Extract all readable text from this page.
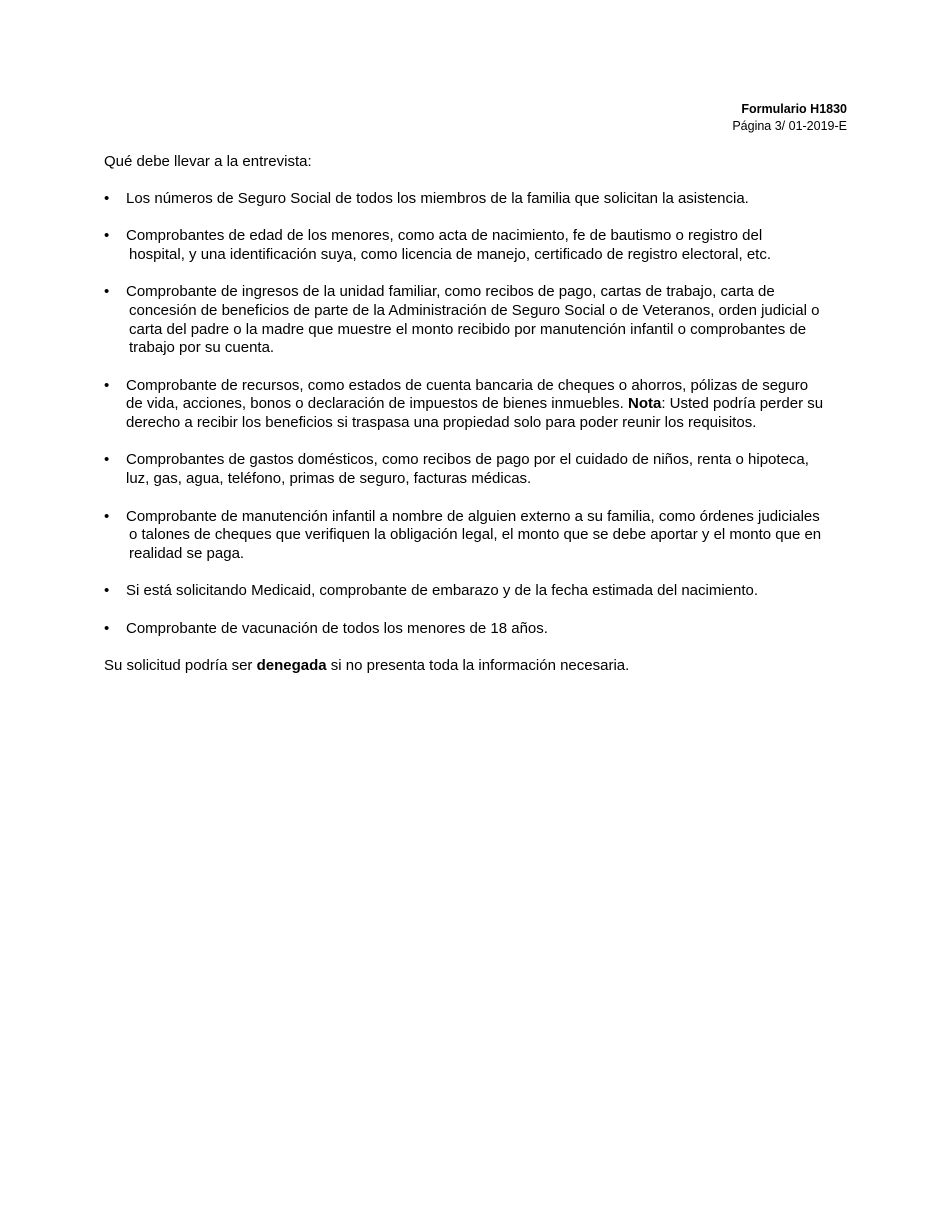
Formulario H1830
Página 3/ 01-2019-E

Qué debe llevar a la entrevista:

• Los números de Seguro Social de todos los miembros de la familia que solicitan la asistencia.
• Comprobantes de edad de los menores, como acta de nacimiento, fe de bautismo o registro del
hospital, y una identificación suya, como licencia de manejo, certificado de registro electoral, etc.
• Comprobante de ingresos de la unidad familiar, como recibos de pago, cartas de trabajo, carta de
concesión de beneficios de parte de la Administración de Seguro Social o de Veteranos, orden judicial o
carta del padre o la madre que muestre el monto recibido por manutención infantil o comprobantes de
trabajo por su cuenta.
• Comprobante de recursos, como estados de cuenta bancaria de cheques o ahorros, pólizas de seguro
de vida, acciones, bonos o declaración de impuestos de bienes inmuebles. Nota: Usted podría perder su
derecho a recibir los beneficios si traspasa una propiedad solo para poder reunir los requisitos.
• Comprobantes de gastos domésticos, como recibos de pago por el cuidado de niños, renta o hipoteca,
luz, gas, agua, teléfono, primas de seguro, facturas médicas.
• Comprobante de manutención infantil a nombre de alguien externo a su familia, como órdenes judiciales
o talones de cheques que verifiquen la obligación legal, el monto que se debe aportar y el monto que en
realidad se paga.
• Si está solicitando Medicaid, comprobante de embarazo y de la fecha estimada del nacimiento.
• Comprobante de vacunación de todos los menores de 18 años.

Su solicitud podría ser denegada si no presenta toda la información necesaria.
